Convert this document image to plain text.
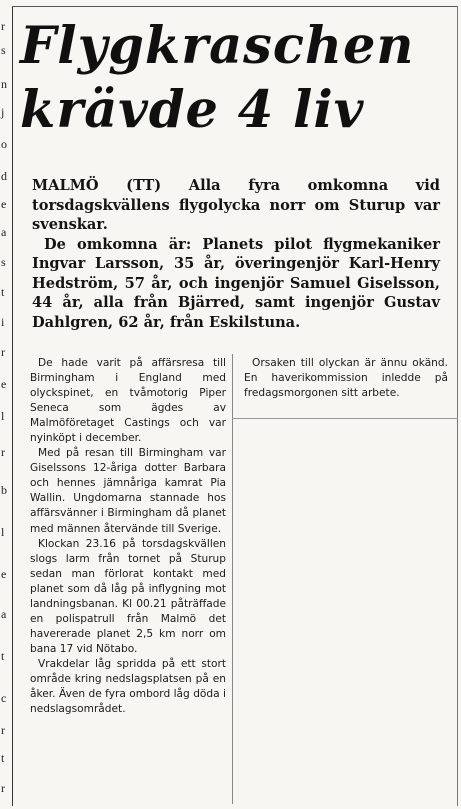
r
s
n
j
o
d
e
a
s
t
i
r
e
l
r
b
l
e
a
t
c
r
t
r
Flygkraschen
krävde 4 liv

MALMÖ (TT) Alla fyra omkomna vid torsdagskvällens flygolycka norr om Sturup var svenskar.

De omkomna är: Planets pilot flygmekaniker Ingvar Larsson, 35 år, överingenjör Karl-Henry Hedström, 57 år, och ingenjör Samuel Giselsson, 44 år, alla från Bjärred, samt ingenjör Gustav Dahlgren, 62 år, från Eskilstuna.

De hade varit på affärsresa till Birmingham i England med olyckspinet, en tvåmotorig Piper Seneca som ägdes av Malmöföretaget Castings och var nyinköpt i december.

Med på resan till Birmingham var Giselssons 12-åriga dotter Barbara och hennes jämnåriga kamrat Pia Wallin. Ungdomarna stannade hos affärsvänner i Birmingham då planet med männen återvände till Sverige.

Klockan 23.16 på torsdagskvällen slogs larm från tornet på Sturup sedan man förlorat kontakt med planet som då låg på inflygning mot landningsbanan. Kl 00.21 påträffade en polispatrull från Malmö det havererade planet 2,5 km norr om bana 17 vid Nötabo.

Vrakdelar låg spridda på ett stort område kring nedslagsplatsen på en åker. Även de fyra ombord låg döda i nedslagsområdet.

Orsaken till olyckan är ännu okänd. En haverikommission inledde på fredagsmorgonen sitt arbete.
